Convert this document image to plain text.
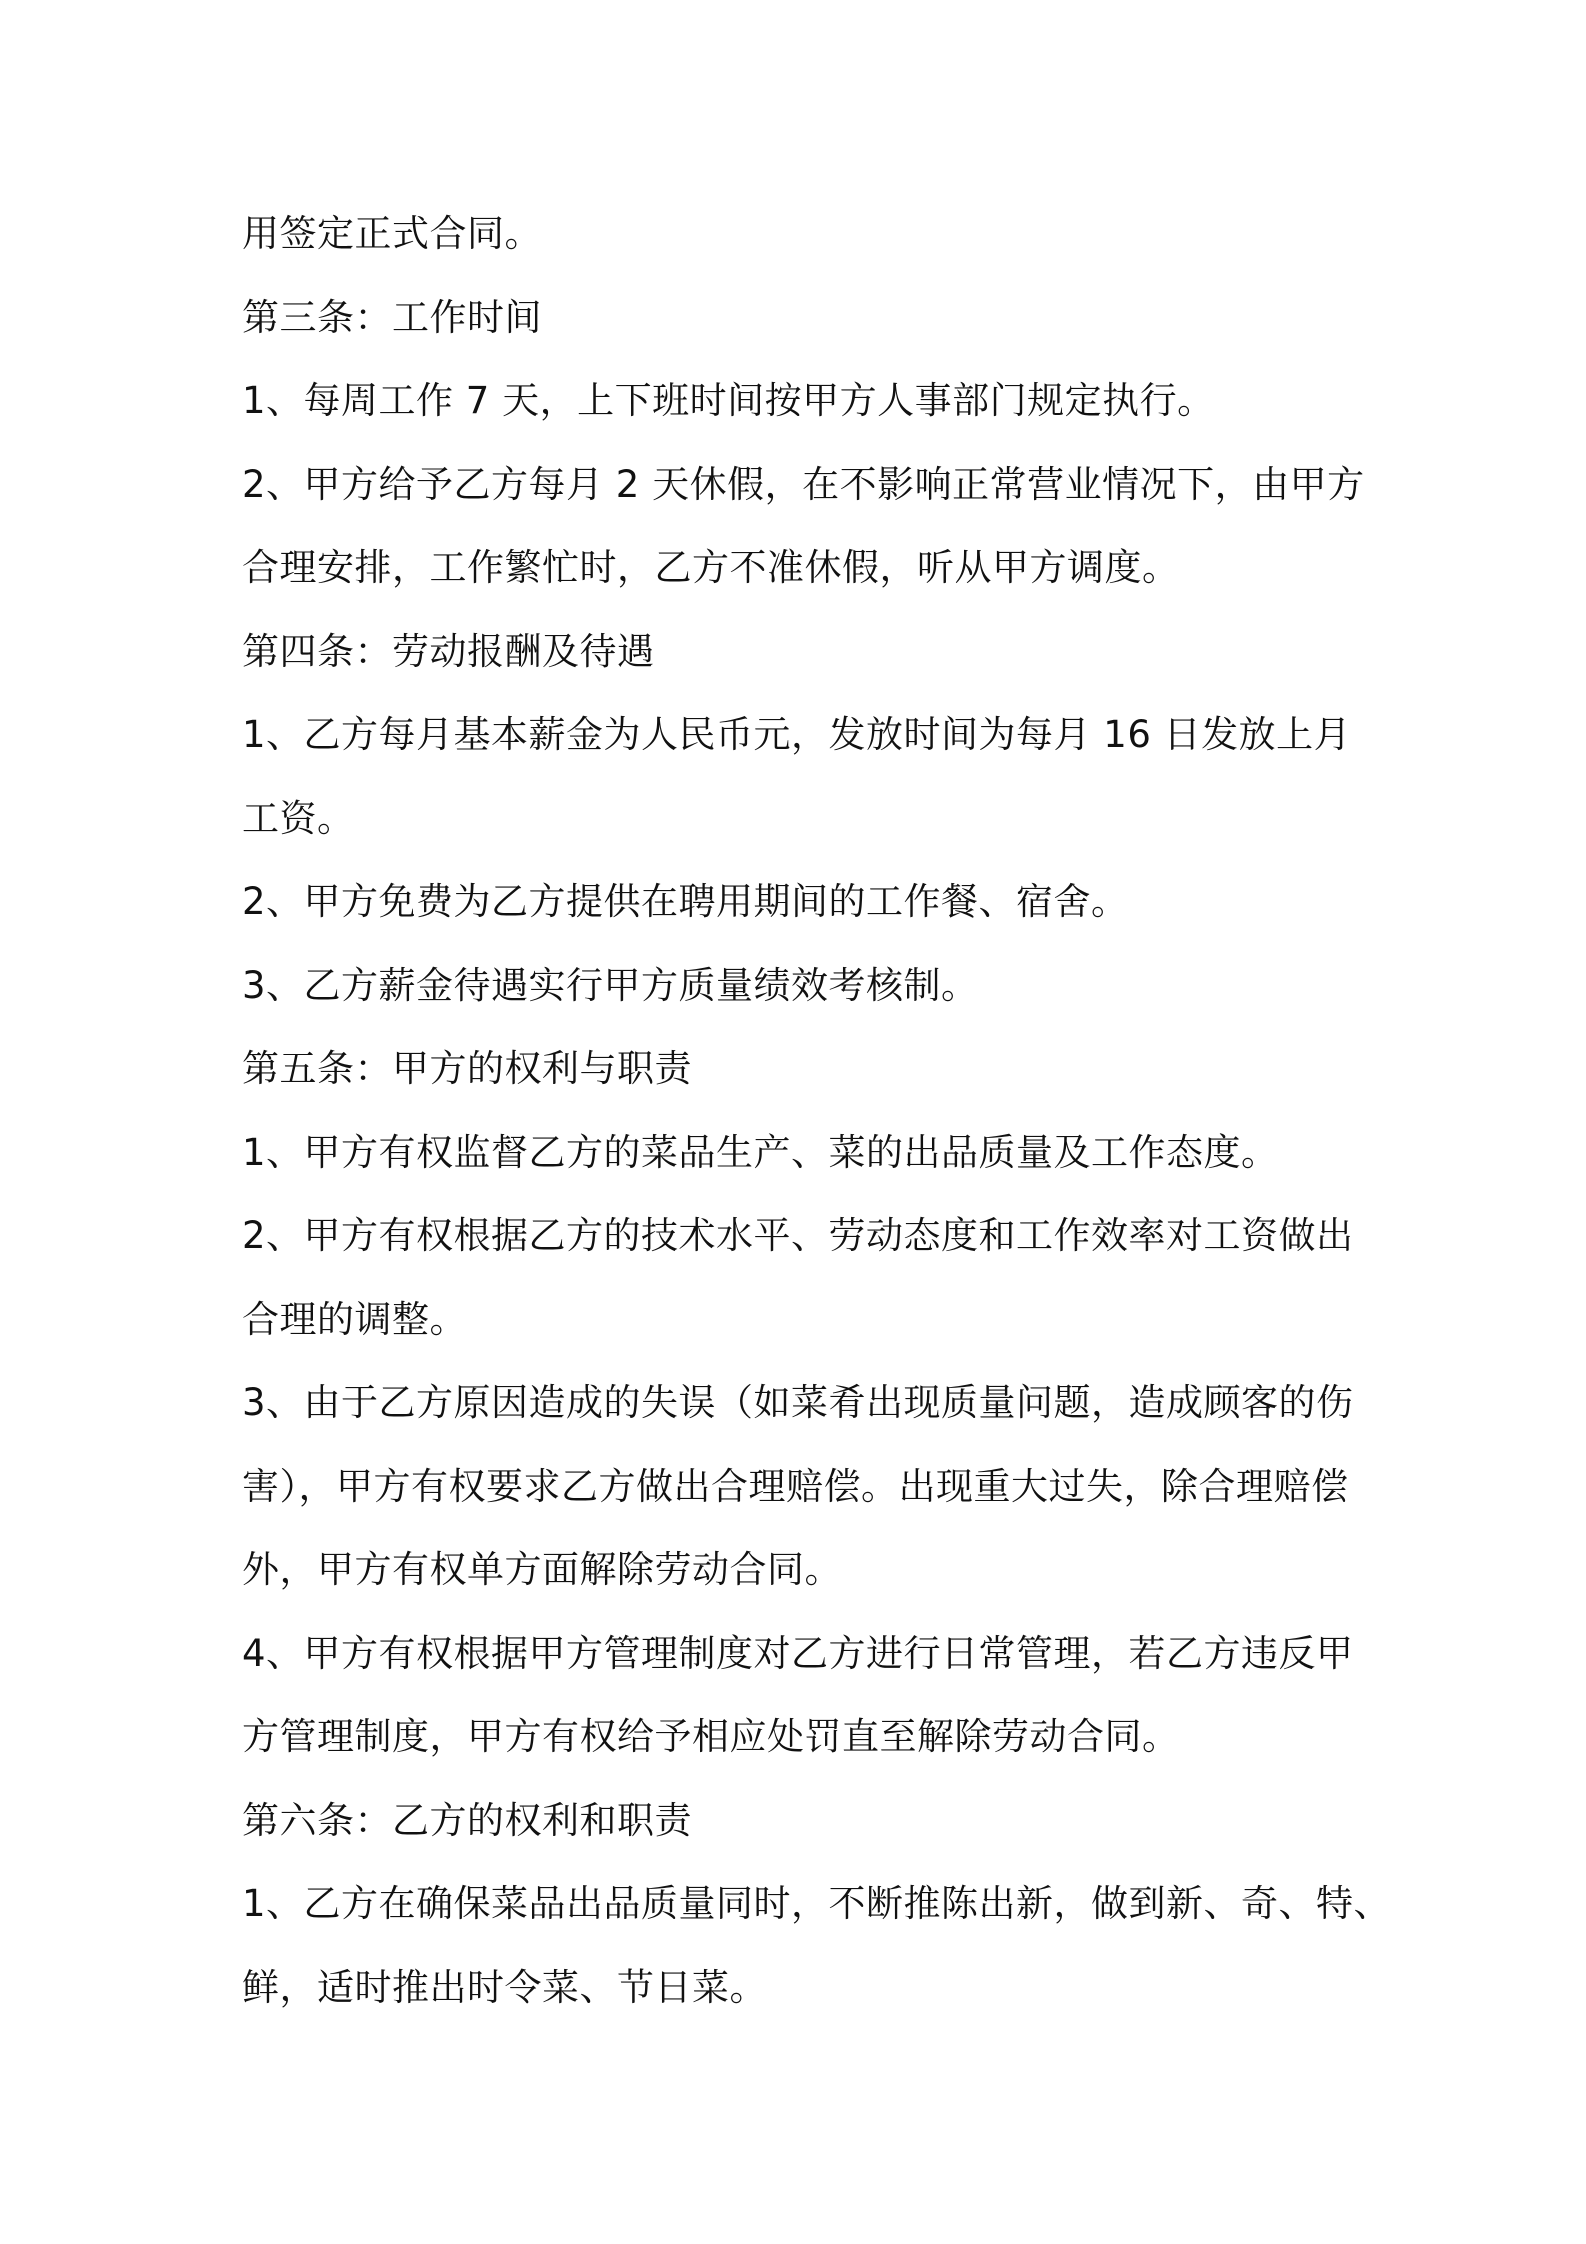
用签定正式合同。
第三条：工作时间
1、每周工作 7 天，上下班时间按甲方人事部门规定执行。
2、甲方给予乙方每月 2 天休假，在不影响正常营业情况下，由甲方
合理安排，工作繁忙时，乙方不准休假，听从甲方调度。
第四条：劳动报酬及待遇
1、乙方每月基本薪金为人民币元，发放时间为每月 16 日发放上月
工资。
2、甲方免费为乙方提供在聘用期间的工作餐、宿舍。
3、乙方薪金待遇实行甲方质量绩效考核制。
第五条：甲方的权利与职责
1、甲方有权监督乙方的菜品生产、菜的出品质量及工作态度。
2、甲方有权根据乙方的技术水平、劳动态度和工作效率对工资做出
合理的调整。
3、由于乙方原因造成的失误（如菜肴出现质量问题，造成顾客的伤
害），甲方有权要求乙方做出合理赔偿。出现重大过失，除合理赔偿
外，甲方有权单方面解除劳动合同。
4、甲方有权根据甲方管理制度对乙方进行日常管理，若乙方违反甲
方管理制度，甲方有权给予相应处罚直至解除劳动合同。
第六条：乙方的权利和职责
1、乙方在确保菜品出品质量同时，不断推陈出新，做到新、奇、特、
鲜，适时推出时令菜、节日菜。
